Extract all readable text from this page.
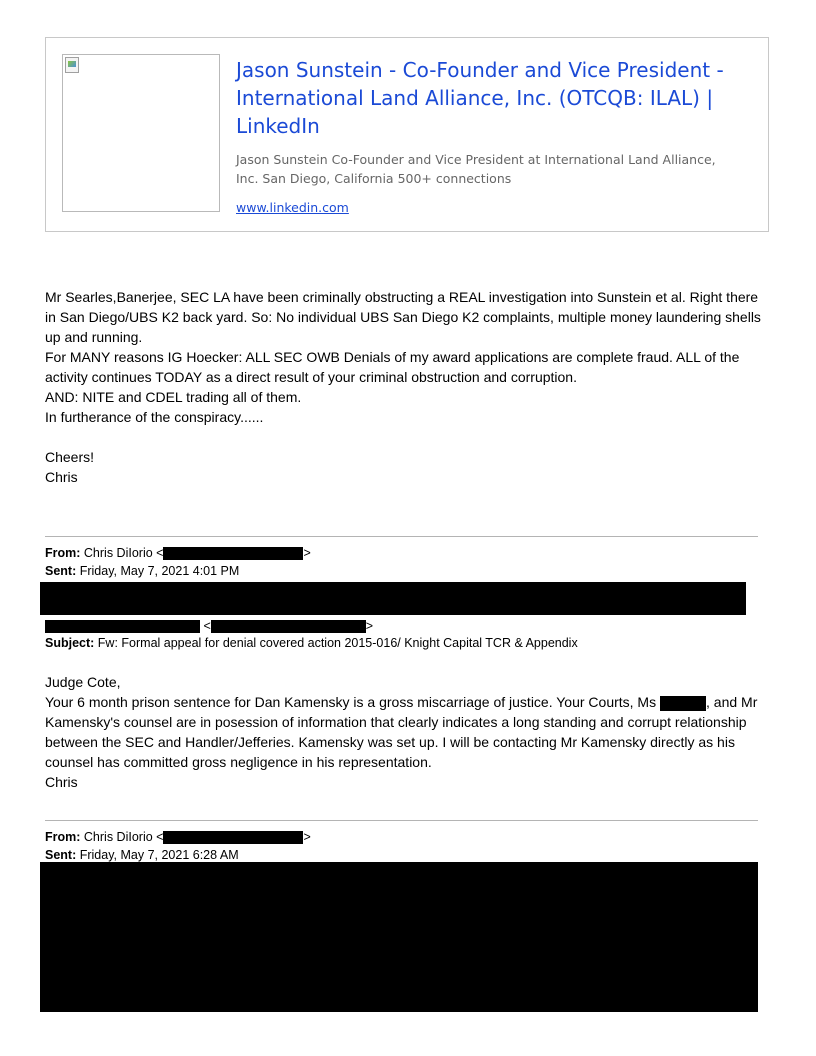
Jason Sunstein - Co-Founder and Vice President - International Land Alliance, Inc. (OTCQB: ILAL) | LinkedIn
Jason Sunstein Co-Founder and Vice President at International Land Alliance, Inc. San Diego, California 500+ connections
www.linkedin.com
Mr Searles,Banerjee, SEC LA have been criminally obstructing a REAL investigation into Sunstein et al. Right there in San Diego/UBS K2 back yard. So: No individual UBS San Diego K2 complaints, multiple money laundering shells up and running.
For MANY reasons IG Hoecker: ALL SEC OWB Denials of my award applications are complete fraud. ALL of the activity continues TODAY as a direct result of your criminal obstruction and corruption.
AND: NITE and CDEL trading all of them.
In furtherance of the conspiracy......
Cheers!
Chris
From: Chris DiIorio <	>
Sent: Friday, May 7, 2021 4:01 PM
<	>
Subject: Fw: Formal appeal for denial covered action 2015-016/ Knight Capital TCR & Appendix
Judge Cote,
Your 6 month prison sentence for Dan Kamensky is a gross miscarriage of justice. Your Courts, Ms	, and Mr Kamensky's counsel are in posession of information that clearly indicates a long standing and corrupt relationship between the SEC and Handler/Jefferies. Kamensky was set up. I will be contacting Mr Kamensky directly as his counsel has committed gross negligence in his representation.
Chris
From: Chris DiIorio <	>
Sent: Friday, May 7, 2021 6:28 AM
